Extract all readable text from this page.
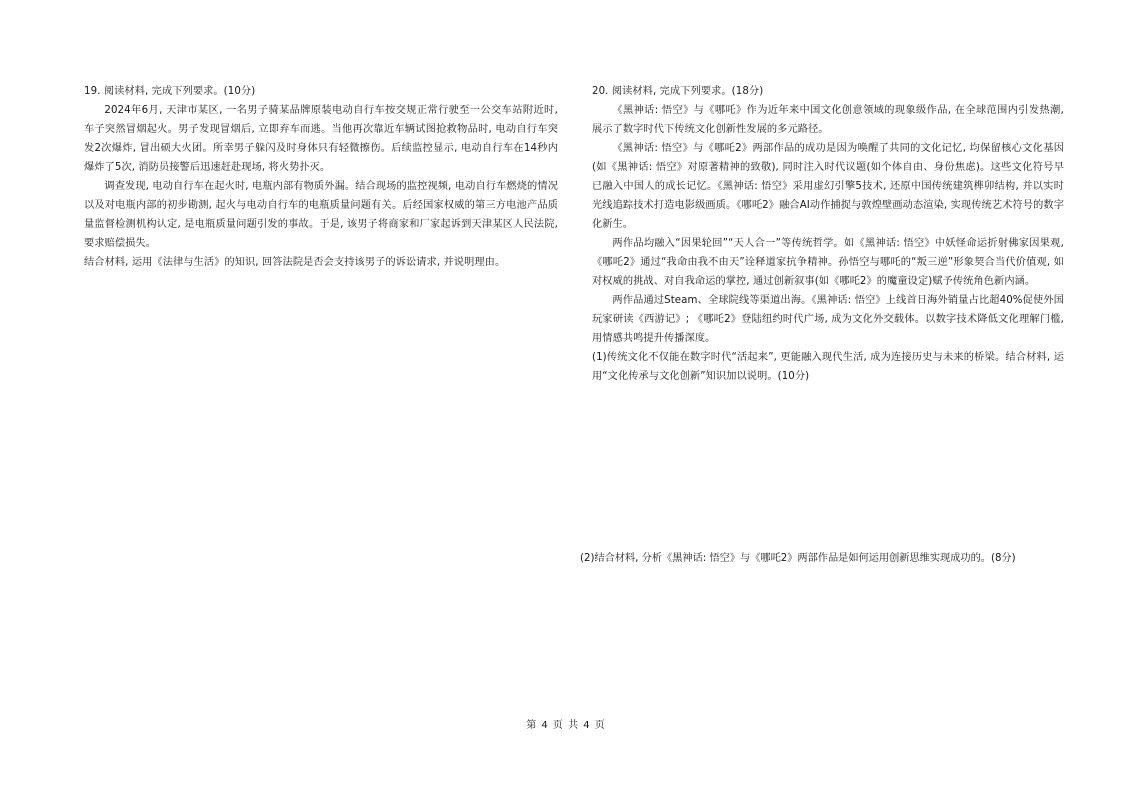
19. 阅读材料, 完成下列要求。(10分)

2024年6月, 天津市某区, 一名男子骑某品牌原装电动自行车按交规正常行驶至一公交车站附近时, 车子突然冒烟起火。男子发现冒烟后, 立即弃车而逃。当他再次靠近车辆试图抢救物品时, 电动自行车突发2次爆炸, 冒出硕大火团。所幸男子躲闪及时身体只有轻微擦伤。后续监控显示, 电动自行车在14秒内爆炸了5次, 消防员接警后迅速赶赴现场, 将火势扑灭。

调查发现, 电动自行车在起火时, 电瓶内部有物质外漏。结合现场的监控视频, 电动自行车燃烧的情况以及对电瓶内部的初步勘测, 起火与电动自行车的电瓶质量问题有关。后经国家权威的第三方电池产品质量监督检测机构认定, 是电瓶质量问题引发的事故。于是, 该男子将商家和厂家起诉到天津某区人民法院, 要求赔偿损失。

结合材料, 运用《法律与生活》的知识, 回答法院是否会支持该男子的诉讼请求, 并说明理由。

20. 阅读材料, 完成下列要求。(18分)

《黑神话: 悟空》与《哪吒》作为近年来中国文化创意领域的现象级作品, 在全球范围内引发热潮, 展示了数字时代下传统文化创新性发展的多元路径。

《黑神话: 悟空》与《哪吒2》两部作品的成功是因为唤醒了共同的文化记忆, 均保留核心文化基因(如《黑神话: 悟空》对原著精神的致敬), 同时注入时代议题(如个体自由、身份焦虑)。这些文化符号早已融入中国人的成长记忆。《黑神话: 悟空》采用虚幻引擎5技术, 还原中国传统建筑榫卯结构, 并以实时光线追踪技术打造电影级画质。《哪吒2》融合AI动作捕捉与敦煌壁画动态渲染, 实现传统艺术符号的数字化新生。

两作品均融入“因果轮回”“天人合一”等传统哲学。如《黑神话: 悟空》中妖怪命运折射佛家因果观, 《哪吒2》通过“我命由我不由天”诠释道家抗争精神。孙悟空与哪吒的“叛三逆”形象契合当代价值观, 如对权威的挑战、对自我命运的掌控, 通过创新叙事(如《哪吒2》的魔童设定)赋予传统角色新内涵。

两作品通过Steam、全球院线等渠道出海。《黑神话: 悟空》上线首日海外销量占比超40%促使外国玩家研读《西游记》; 《哪吒2》登陆纽约时代广场, 成为文化外交载体。以数字技术降低文化理解门槛, 用情感共鸣提升传播深度。

(1)传统文化不仅能在数字时代“活起来”, 更能融入现代生活, 成为连接历史与未来的桥梁。结合材料, 运用“文化传承与文化创新”知识加以说明。(10分)

(2)结合材料, 分析《黑神话: 悟空》与《哪吒2》两部作品是如何运用创新思维实现成功的。(8分)

第 4 页 共 4 页
